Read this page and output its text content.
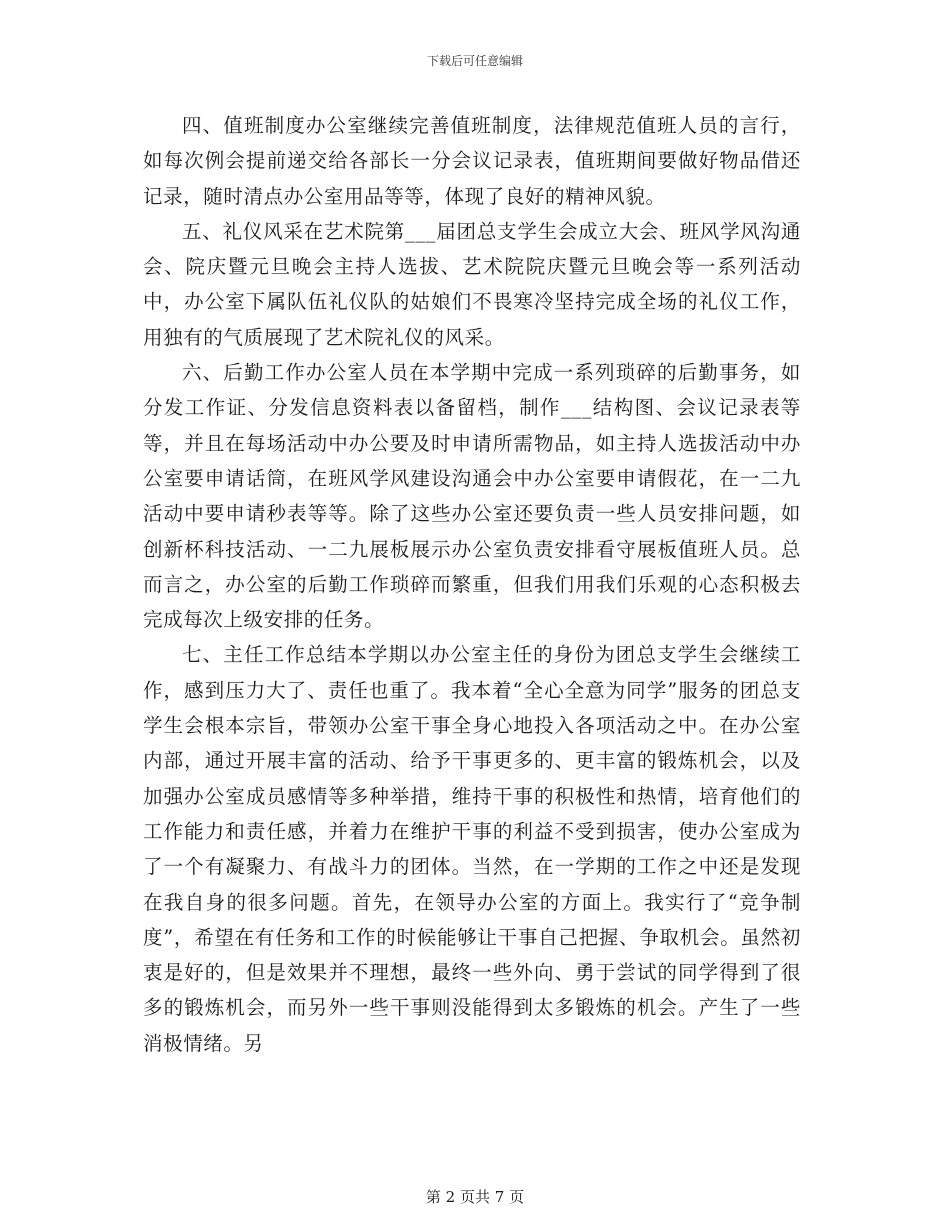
下载后可任意编辑

四、值班制度办公室继续完善值班制度，法律规范值班人员的言行，如每次例会提前递交给各部长一分会议记录表，值班期间要做好物品借还记录，随时清点办公室用品等等，体现了良好的精神风貌。

五、礼仪风采在艺术院第___届团总支学生会成立大会、班风学风沟通会、院庆暨元旦晚会主持人选拔、艺术院院庆暨元旦晚会等一系列活动中，办公室下属队伍礼仪队的姑娘们不畏寒冷坚持完成全场的礼仪工作，用独有的气质展现了艺术院礼仪的风采。

六、后勤工作办公室人员在本学期中完成一系列琐碎的后勤事务，如分发工作证、分发信息资料表以备留档，制作___结构图、会议记录表等等，并且在每场活动中办公要及时申请所需物品，如主持人选拔活动中办公室要申请话筒，在班风学风建设沟通会中办公室要申请假花，在一二九活动中要申请秒表等等。除了这些办公室还要负责一些人员安排问题，如创新杯科技活动、一二九展板展示办公室负责安排看守展板值班人员。总而言之，办公室的后勤工作琐碎而繁重，但我们用我们乐观的心态积极去完成每次上级安排的任务。

七、主任工作总结本学期以办公室主任的身份为团总支学生会继续工作，感到压力大了、责任也重了。我本着“全心全意为同学”服务的团总支学生会根本宗旨，带领办公室干事全身心地投入各项活动之中。在办公室内部，通过开展丰富的活动、给予干事更多的、更丰富的锻炼机会，以及加强办公室成员感情等多种举措，维持干事的积极性和热情，培育他们的工作能力和责任感，并着力在维护干事的利益不受到损害，使办公室成为了一个有凝聚力、有战斗力的团体。当然，在一学期的工作之中还是发现在我自身的很多问题。首先，在领导办公室的方面上。我实行了“竞争制度”，希望在有任务和工作的时候能够让干事自己把握、争取机会。虽然初衷是好的，但是效果并不理想，最终一些外向、勇于尝试的同学得到了很多的锻炼机会，而另外一些干事则没能得到太多锻炼的机会。产生了一些消极情绪。另

第 2 页共 7 页
